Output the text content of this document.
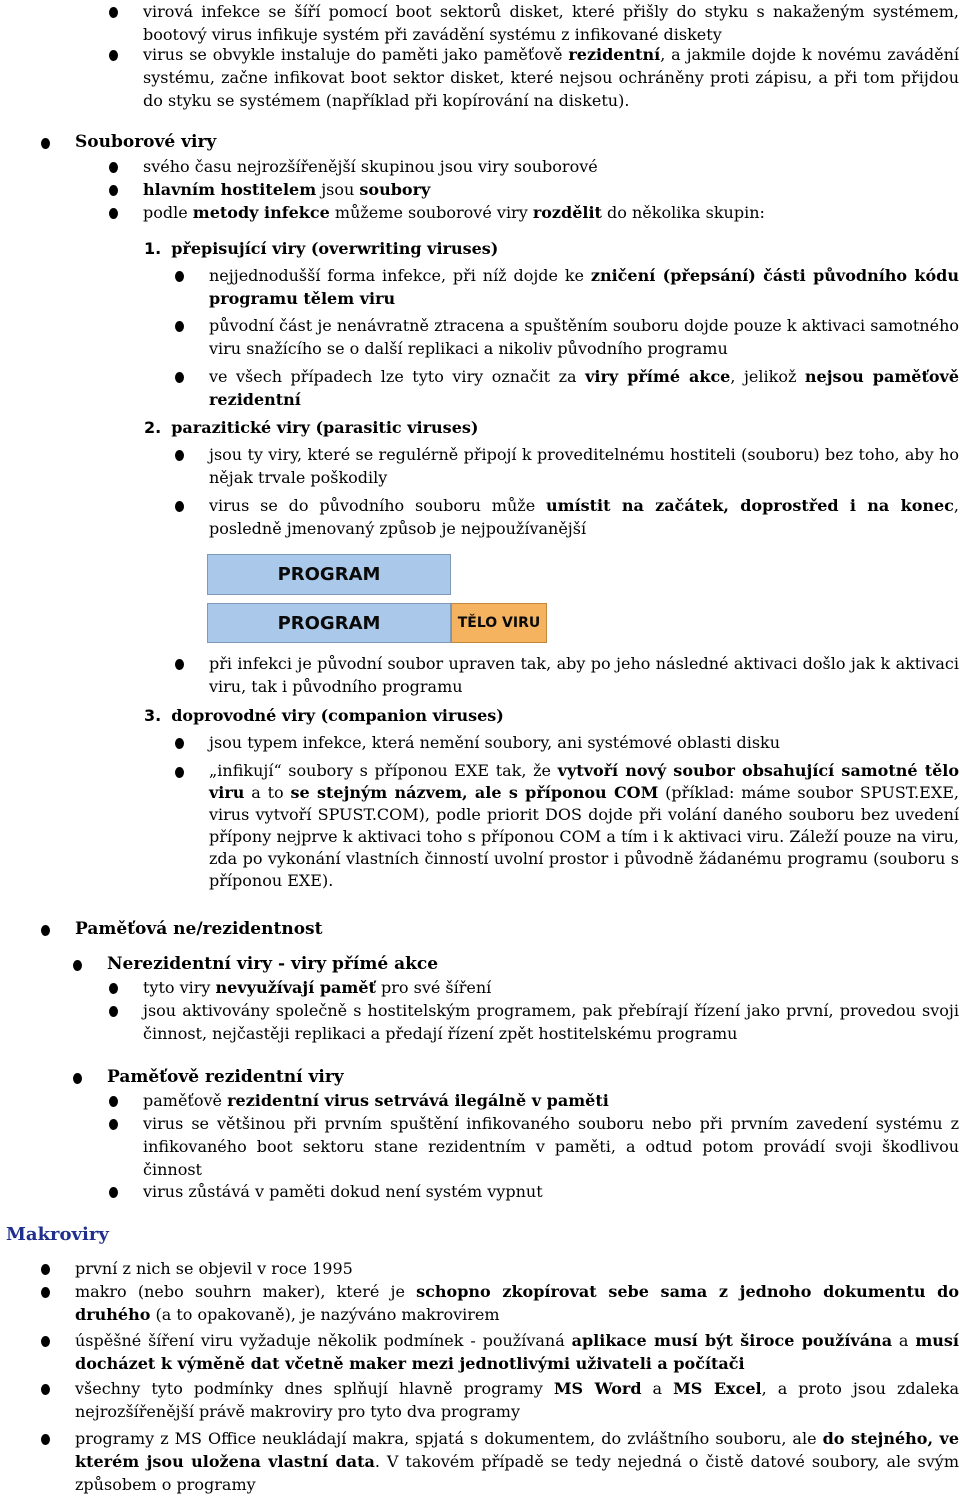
virová infekce se šíří pomocí boot sektorů disket, které přišly do styku s nakaženým systémem, bootový virus infikuje systém při zavádění systému z infikované diskety
virus se obvykle instaluje do paměti jako paměťově rezidentní, a jakmile dojde k novému zavádění systému, začne infikovat boot sektor disket, které nejsou ochráněny proti zápisu, a při tom přijdou do styku se systémem (například při kopírování na disketu).
Souborové viry
svého času nejrozšířenější skupinou jsou viry souborové
hlavním hostitelem jsou soubory
podle metody infekce můžeme souborové viry rozdělit do několika skupin:
1. přepisující viry (overwriting viruses)
nejjednodušší forma infekce, při níž dojde ke zničení (přepsání) části původního kódu programu tělem viru
původní část je nenávratně ztracena a spuštěním souboru dojde pouze k aktivaci samotného viru snažícího se o další replikaci a nikoliv původního programu
ve všech případech lze tyto viry označit za viry přímé akce, jelikož nejsou paměťově rezidentní
2. parazitické viry (parasitic viruses)
jsou ty viry, které se regulérně připojí k proveditelnému hostiteli (souboru) bez toho, aby ho nějak trvale poškodily
virus se do původního souboru může umístit na začátek, doprostřed i na konec, posledně jmenovaný způsob je nejpoužívanější
PROGRAM
PROGRAM	TĚLO VIRU
při infekci je původní soubor upraven tak, aby po jeho následné aktivaci došlo jak k aktivaci viru, tak i původního programu
3. doprovodné viry (companion viruses)
jsou typem infekce, která nemění soubory, ani systémové oblasti disku
„infikují“ soubory s příponou EXE tak, že vytvoří nový soubor obsahující samotné tělo viru a to se stejným názvem, ale s příponou COM (příklad: máme soubor SPUST.EXE, virus vytvoří SPUST.COM), podle priorit DOS dojde při volání daného souboru bez uvedení přípony nejprve k aktivaci toho s příponou COM a tím i k aktivaci viru. Záleží pouze na viru, zda po vykonání vlastních činností uvolní prostor i původně žádanému programu (souboru s příponou EXE).
Paměťová ne/rezidentnost
Nerezidentní viry - viry přímé akce
tyto viry nevyužívají paměť pro své šíření
jsou aktivovány společně s hostitelským programem, pak přebírají řízení jako první, provedou svoji činnost, nejčastěji replikaci a předají řízení zpět hostitelskému programu
Paměťově rezidentní viry
paměťově rezidentní virus setrvává ilegálně v paměti
virus se většinou při prvním spuštění infikovaného souboru nebo při prvním zavedení systému z infikovaného boot sektoru stane rezidentním v paměti, a odtud potom provádí svoji škodlivou činnost
virus zůstává v paměti dokud není systém vypnut
Makroviry
první z nich se objevil v roce 1995
makro (nebo souhrn maker), které je schopno zkopírovat sebe sama z jednoho dokumentu do druhého (a to opakovaně), je nazýváno makrovirem
úspěšné šíření viru vyžaduje několik podmínek - používaná aplikace musí být široce používána a musí docházet k výměně dat včetně maker mezi jednotlivými uživateli a počítači
všechny tyto podmínky dnes splňují hlavně programy MS Word a MS Excel, a proto jsou zdaleka nejrozšířenější právě makroviry pro tyto dva programy
programy z MS Office neukládají makra, spjatá s dokumentem, do zvláštního souboru, ale do stejného, ve kterém jsou uložena vlastní data. V takovém případě se tedy nejedná o čistě datové soubory, ale svým způsobem o programy
